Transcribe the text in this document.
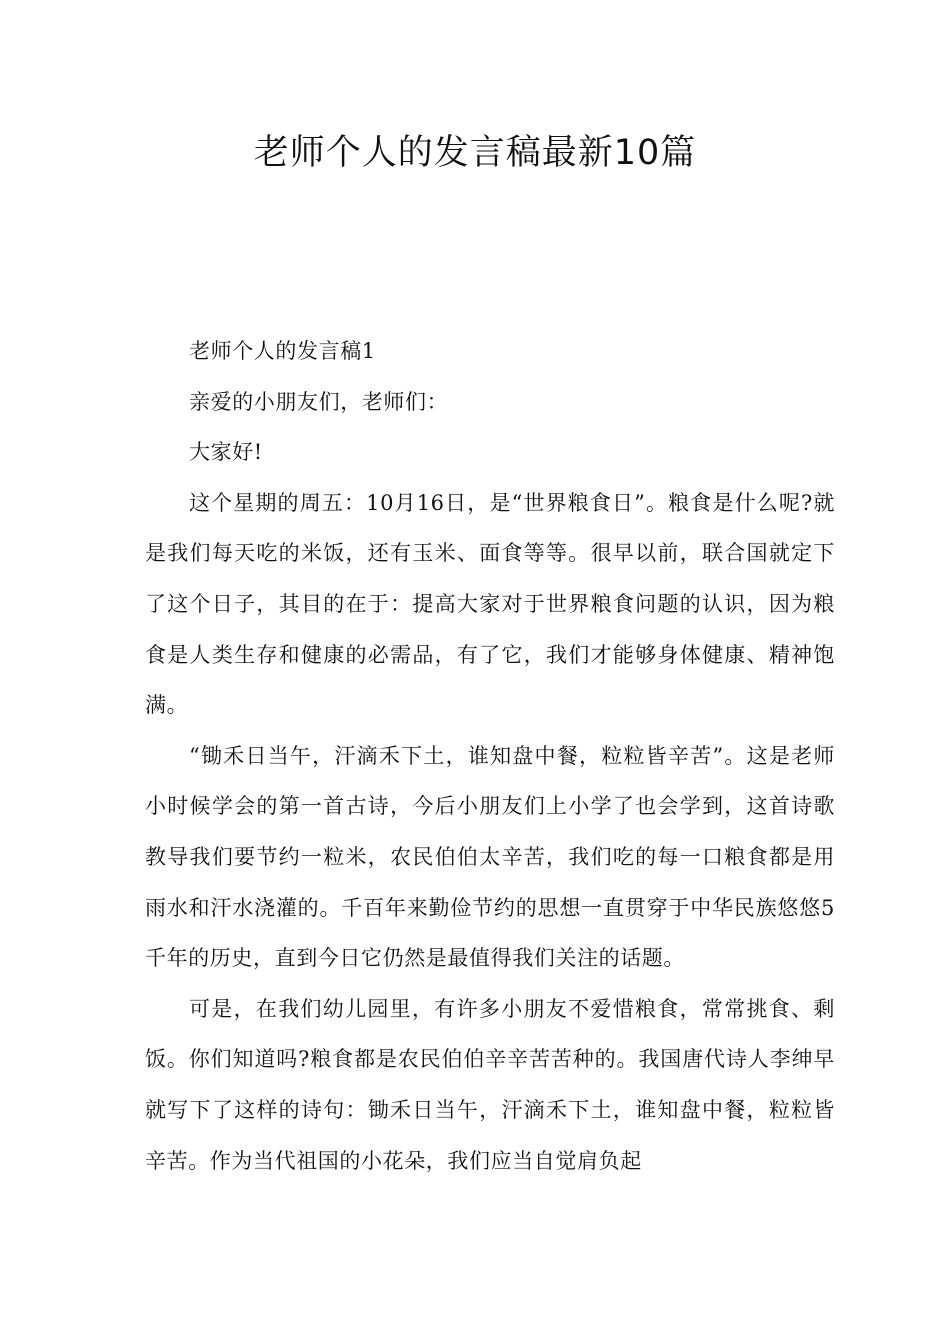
老师个人的发言稿最新10篇

老师个人的发言稿1

亲爱的小朋友们，老师们：

大家好!

这个星期的周五：10月16日，是“世界粮食日”。粮食是什么呢?就是我们每天吃的米饭，还有玉米、面食等等。很早以前，联合国就定下了这个日子，其目的在于：提高大家对于世界粮食问题的认识，因为粮食是人类生存和健康的必需品，有了它，我们才能够身体健康、精神饱满。

“锄禾日当午，汗滴禾下土，谁知盘中餐，粒粒皆辛苦”。这是老师小时候学会的第一首古诗，今后小朋友们上小学了也会学到，这首诗歌教导我们要节约一粒米，农民伯伯太辛苦，我们吃的每一口粮食都是用雨水和汗水浇灌的。千百年来勤俭节约的思想一直贯穿于中华民族悠悠5千年的历史，直到今日它仍然是最值得我们关注的话题。

可是，在我们幼儿园里，有许多小朋友不爱惜粮食，常常挑食、剩饭。你们知道吗?粮食都是农民伯伯辛辛苦苦种的。我国唐代诗人李绅早就写下了这样的诗句：锄禾日当午，汗滴禾下土，谁知盘中餐，粒粒皆辛苦。作为当代祖国的小花朵，我们应当自觉肩负起
